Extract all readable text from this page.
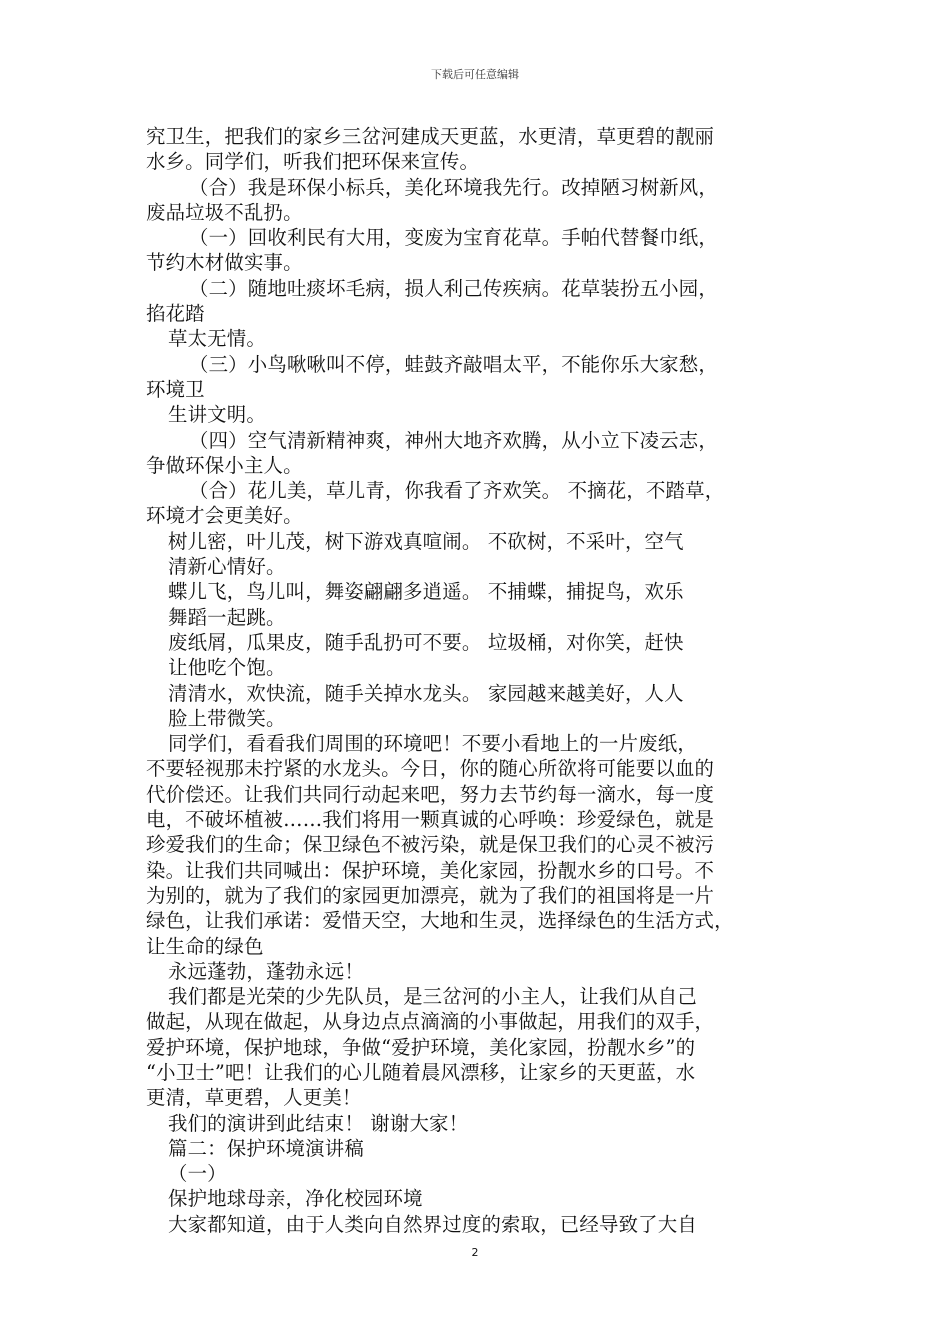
下载后可任意编辑
究卫生，把我们的家乡三岔河建成天更蓝，水更清，草更碧的靓丽
水乡。同学们，听我们把环保来宣传。
（合）我是环保小标兵，美化环境我先行。改掉陋习树新风，
废品垃圾不乱扔。
（一）回收利民有大用，变废为宝育花草。手帕代替餐巾纸，
节约木材做实事。
（二）随地吐痰坏毛病，损人利己传疾病。花草装扮五小园，
掐花踏
草太无情。
（三）小鸟啾啾叫不停，蛙鼓齐敲唱太平，不能你乐大家愁，
环境卫
生讲文明。
（四）空气清新精神爽，神州大地齐欢腾，从小立下凌云志，
争做环保小主人。
（合）花儿美，草儿青，你我看了齐欢笑。 不摘花，不踏草，
环境才会更美好。
树儿密，叶儿茂，树下游戏真喧闹。 不砍树，不采叶，空气
清新心情好。
蝶儿飞，鸟儿叫，舞姿翩翩多逍遥。 不捕蝶，捕捉鸟，欢乐
舞蹈一起跳。
废纸屑，瓜果皮，随手乱扔可不要。 垃圾桶，对你笑，赶快
让他吃个饱。
清清水，欢快流，随手关掉水龙头。 家园越来越美好，人人
脸上带微笑。
同学们，看看我们周围的环境吧！不要小看地上的一片废纸，
不要轻视那未拧紧的水龙头。今日，你的随心所欲将可能要以血的
代价偿还。让我们共同行动起来吧，努力去节约每一滴水，每一度
电，不破坏植被……我们将用一颗真诚的心呼唤：珍爱绿色，就是
珍爱我们的生命；保卫绿色不被污染，就是保卫我们的心灵不被污
染。让我们共同喊出：保护环境，美化家园，扮靓水乡的口号。不
为别的，就为了我们的家园更加漂亮，就为了我们的祖国将是一片
绿色，让我们承诺：爱惜天空，大地和生灵，选择绿色的生活方式，
让生命的绿色
永远蓬勃，蓬勃永远！
我们都是光荣的少先队员，是三岔河的小主人，让我们从自己
做起，从现在做起，从身边点点滴滴的小事做起，用我们的双手，
爱护环境，保护地球，争做“爱护环境，美化家园，扮靓水乡”的
“小卫士”吧！让我们的心儿随着晨风漂移，让家乡的天更蓝，水
更清，草更碧，人更美！
我们的演讲到此结束！ 谢谢大家！
篇二：保护环境演讲稿
（一）
保护地球母亲，净化校园环境
大家都知道，由于人类向自然界过度的索取，已经导致了大自
2
